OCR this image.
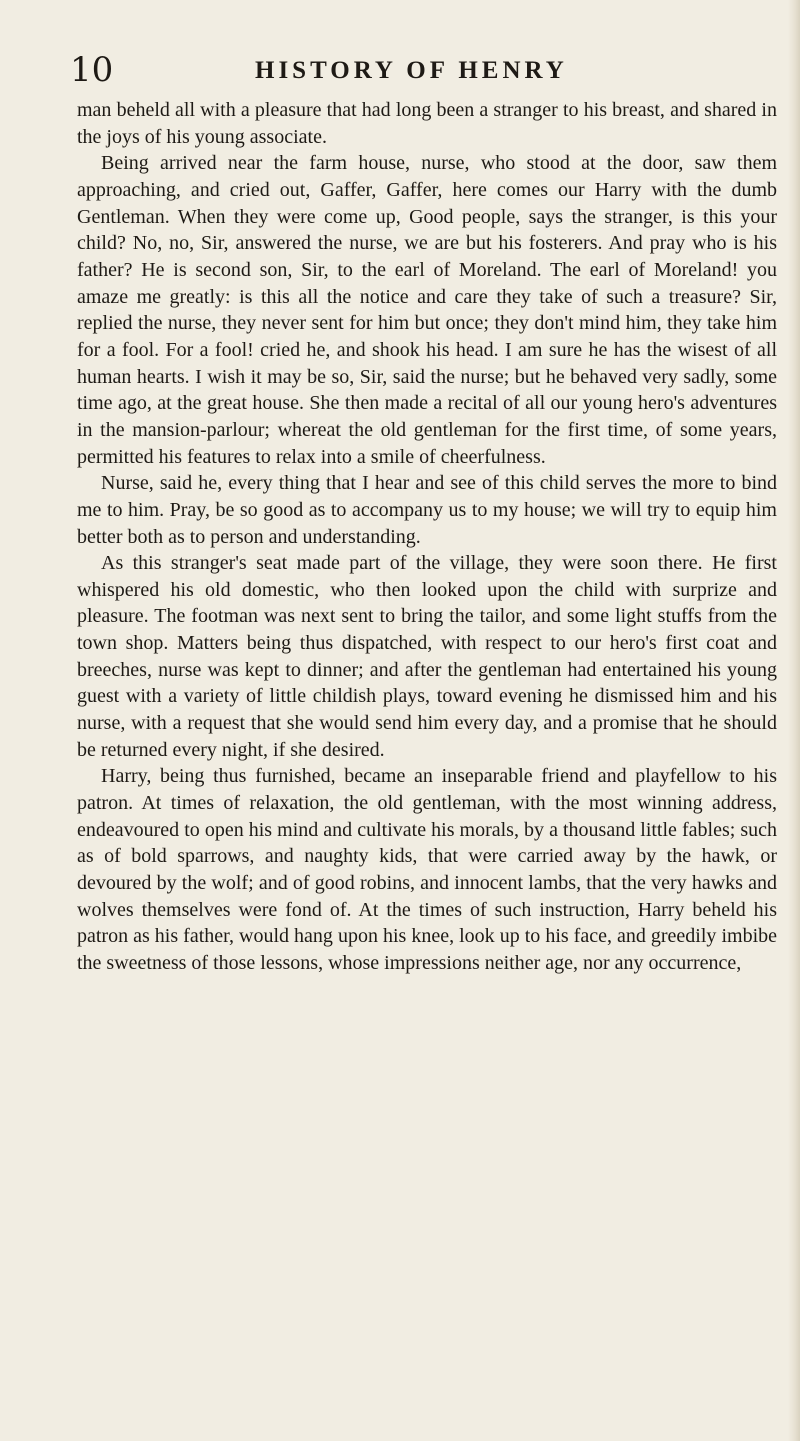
10	HISTORY OF HENRY

man beheld all with a pleasure that had long been a stranger to his breast, and shared in the joys of his young associate.

Being arrived near the farm house, nurse, who stood at the door, saw them approaching, and cried out, Gaffer, Gaffer, here comes our Harry with the dumb Gentleman. When they were come up, Good people, says the stranger, is this your child? No, no, Sir, answered the nurse, we are but his fosterers. And pray who is his father? He is second son, Sir, to the earl of Moreland. The earl of Moreland! you amaze me greatly: is this all the notice and care they take of such a treasure? Sir, replied the nurse, they never sent for him but once; they don't mind him, they take him for a fool. For a fool! cried he, and shook his head. I am sure he has the wisest of all human hearts. I wish it may be so, Sir, said the nurse; but he behaved very sadly, some time ago, at the great house. She then made a recital of all our young hero's adventures in the mansion-parlour; whereat the old gentleman for the first time, of some years, permitted his features to relax into a smile of cheerfulness.

Nurse, said he, every thing that I hear and see of this child serves the more to bind me to him. Pray, be so good as to accompany us to my house; we will try to equip him better both as to person and understanding.

As this stranger's seat made part of the village, they were soon there. He first whispered his old domestic, who then looked upon the child with surprize and pleasure. The footman was next sent to bring the tailor, and some light stuffs from the town shop. Matters being thus dispatched, with respect to our hero's first coat and breeches, nurse was kept to dinner; and after the gentleman had entertained his young guest with a variety of little childish plays, toward evening he dismissed him and his nurse, with a request that she would send him every day, and a promise that he should be returned every night, if she desired.

Harry, being thus furnished, became an inseparable friend and playfellow to his patron. At times of relaxation, the old gentleman, with the most winning address, endeavoured to open his mind and cultivate his morals, by a thousand little fables; such as of bold sparrows, and naughty kids, that were carried away by the hawk, or devoured by the wolf; and of good robins, and innocent lambs, that the very hawks and wolves themselves were fond of. At the times of such instruction, Harry beheld his patron as his father, would hang upon his knee, look up to his face, and greedily imbibe the sweetness of those lessons, whose impressions neither age, nor any occurrence,
